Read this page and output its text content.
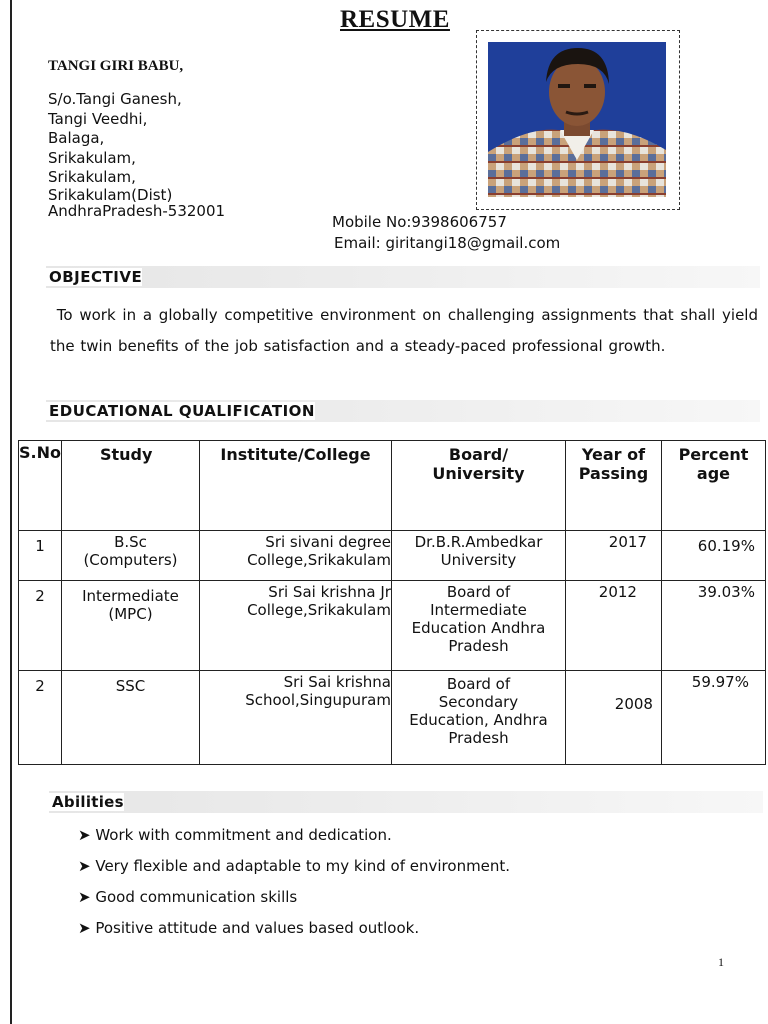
RESUME
TANGI GIRI BABU,
S/o.Tangi Ganesh,
Tangi Veedhi,
Balaga,
Srikakulam,
Srikakulam,
Srikakulam(Dist)
AndhraPradesh-532001
Mobile No:9398606757
Email: giritangi18@gmail.com
OBJECTIVE
To work in a globally competitive environment on challenging assignments that shall yield the twin benefits of the job satisfaction and a steady-paced professional growth.
EDUCATIONAL QUALIFICATION
S.No	Study	Institute/College	Board/ University	Year of Passing	Percent age
1	B.Sc (Computers)	Sri sivani degree College,Srikakulam	Dr.B.R.Ambedkar University	2017	60.19%
2	Intermediate (MPC)	Sri Sai krishna Jr College,Srikakulam	Board of Intermediate Education Andhra Pradesh	2012	39.03%
2	SSC	Sri Sai krishna School,Singupuram	Board of Secondary Education, Andhra Pradesh	2008	59.97%
Abilities
➤ Work with commitment and dedication.
➤ Very flexible and adaptable to my kind of environment.
➤ Good communication skills
➤ Positive attitude and values based outlook.
1
